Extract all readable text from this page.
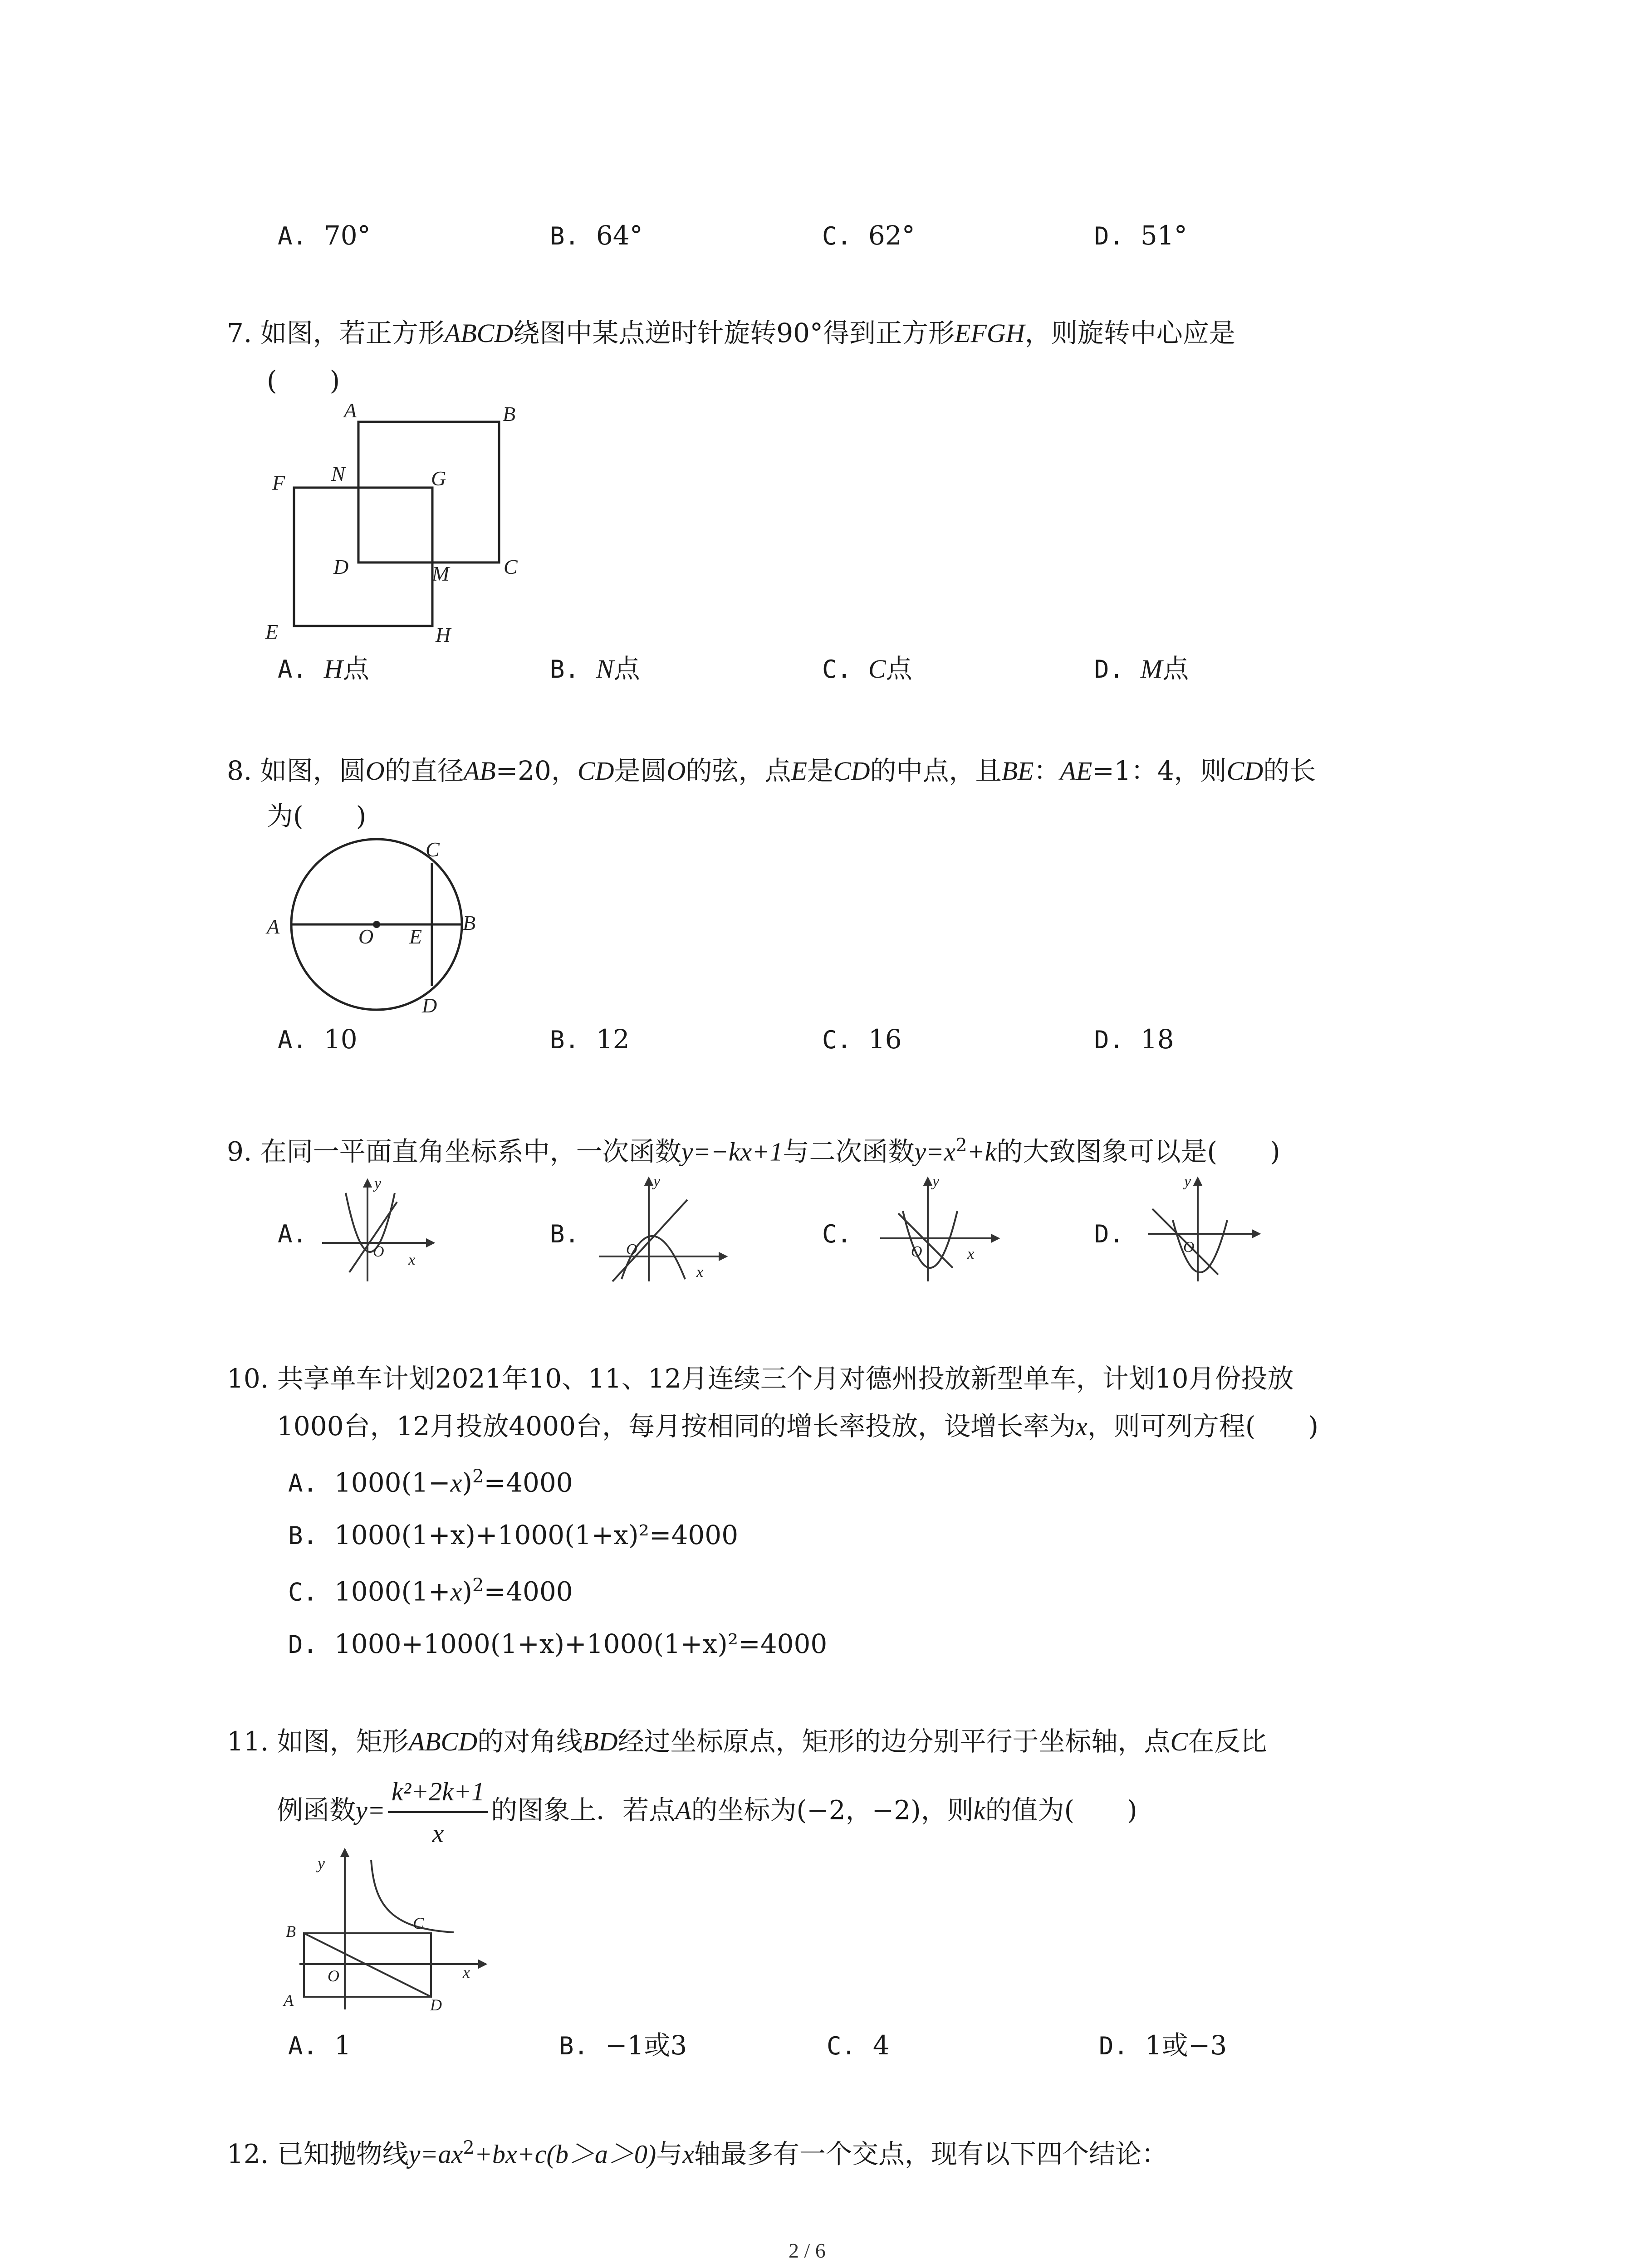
A. 70°	B. 64°	C. 62°	D. 51°
7. 如图，若正方形ABCD绕图中某点逆时针旋转90°得到正方形EFGH，则旋转中心应是
(　　)
A	B
C
D
E
F	G
H
M
N
A. H点	B. N点	C. C点	D. M点
8. 如图，圆O的直径AB=20，CD是圆O的弦，点E是CD的中点，且BE：AE=1：4，则CD的长
为(　　)
A	B
C
D
E
O
A. 10	B. 12	C. 16	D. 18
9. 在同一平面直角坐标系中，一次函数y=−kx+1与二次函数$y=x^2+k$的大致图象可以是(　　)
A.	B.	C.	D.
y
O x
y
O
x
y
O	x
y
O
10. 共享单车计划2021年10、11、12月连续三个月对德州投放新型单车，计划10月份投放
1000台，12月投放4000台，每月按相同的增长率投放，设增长率为x，则可列方程(　　)
A. $1000(1-x)^2=4000$
B. 1000(1+x)+1000(1+x)²=4000
C. $1000(1+x)^2=4000$
D. 1000+1000(1+x)+1000(1+x)²=4000
11. 如图，矩形ABCD的对角线BD经过坐标原点，矩形的边分别平行于坐标轴，点C在反比
例函数$y= \frac{\text{k²+2k+1}}{x}$ 的图象上．若点A的坐标为(−2，−2)，则k的值为(　　)
y
x
B
A
C
D
O
A. 1	B. −1或3	C. 4	D. 1或−3
12. 已知抛物线$y=ax^2+bx+c(b>a>0)$与x轴最多有一个交点，现有以下四个结论：
2 / 6
